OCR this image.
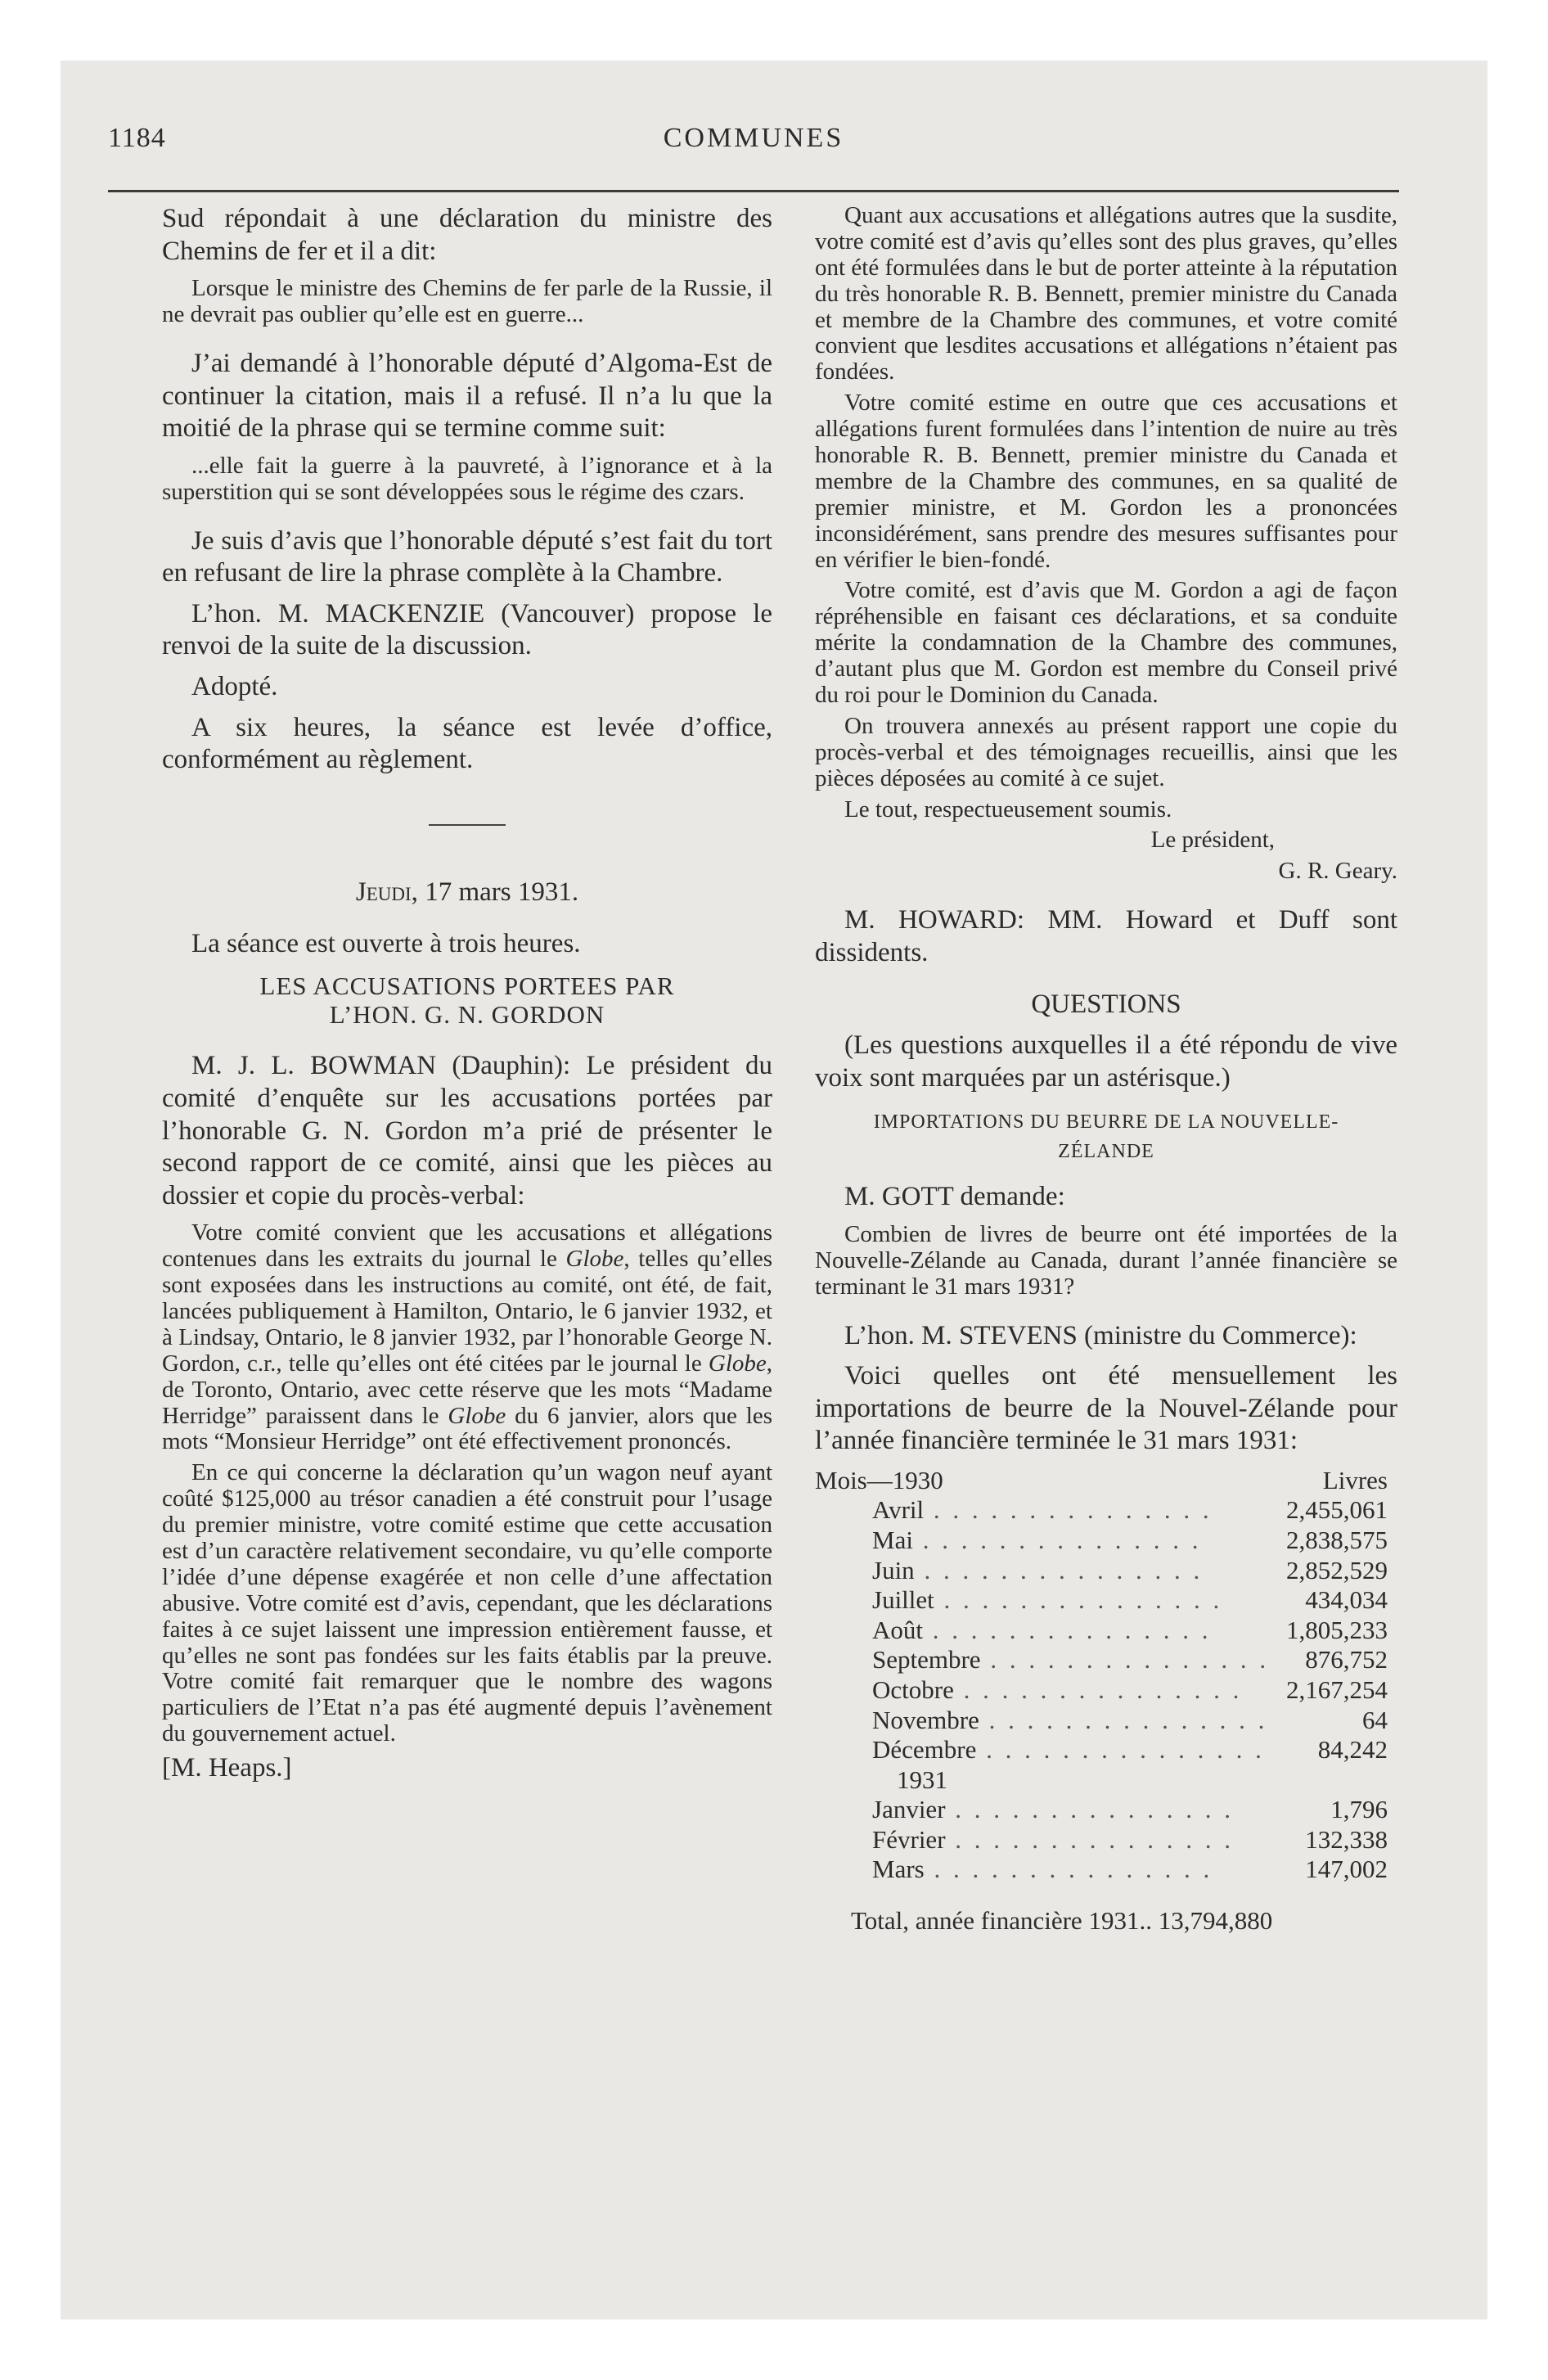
1184	COMMUNES

Sud répondait à une déclaration du ministre des Chemins de fer et il a dit:

Lorsque le ministre des Chemins de fer parle de la Russie, il ne devrait pas oublier qu’elle est en guerre...

J’ai demandé à l’honorable député d’Algoma-Est de continuer la citation, mais il a refusé. Il n’a lu que la moitié de la phrase qui se termine comme suit:

...elle fait la guerre à la pauvreté, à l’ignorance et à la superstition qui se sont développées sous le régime des czars.

Je suis d’avis que l’honorable député s’est fait du tort en refusant de lire la phrase complète à la Chambre.

L’hon. M. MACKENZIE (Vancouver) propose le renvoi de la suite de la discussion.

Adopté.

A six heures, la séance est levée d’office, conformément au règlement.

Jeudi, 17 mars 1931.

La séance est ouverte à trois heures.

LES ACCUSATIONS PORTEES PAR
L’HON. G. N. GORDON

M. J. L. BOWMAN (Dauphin): Le président du comité d’enquête sur les accusations portées par l’honorable G. N. Gordon m’a prié de présenter le second rapport de ce comité, ainsi que les pièces au dossier et copie du procès-verbal:

Votre comité convient que les accusations et allégations contenues dans les extraits du journal le Globe, telles qu’elles sont exposées dans les instructions au comité, ont été, de fait, lancées publiquement à Hamilton, Ontario, le 6 janvier 1932, et à Lindsay, Ontario, le 8 janvier 1932, par l’honorable George N. Gordon, c.r., telle qu’elles ont été citées par le journal le Globe, de Toronto, Ontario, avec cette réserve que les mots “Madame Herridge” paraissent dans le Globe du 6 janvier, alors que les mots “Monsieur Herridge” ont été effectivement prononcés.

En ce qui concerne la déclaration qu’un wagon neuf ayant coûté $125,000 au trésor canadien a été construit pour l’usage du premier ministre, votre comité estime que cette accusation est d’un caractère relativement secondaire, vu qu’elle comporte l’idée d’une dépense exagérée et non celle d’une affectation abusive. Votre comité est d’avis, cependant, que les déclarations faites à ce sujet laissent une impression entièrement fausse, et qu’elles ne sont pas fondées sur les faits établis par la preuve. Votre comité fait remarquer que le nombre des wagons particuliers de l’Etat n’a pas été augmenté depuis l’avènement du gouvernement actuel.

[M. Heaps.]

Quant aux accusations et allégations autres que la susdite, votre comité est d’avis qu’elles sont des plus graves, qu’elles ont été formulées dans le but de porter atteinte à la réputation du très honorable R. B. Bennett, premier ministre du Canada et membre de la Chambre des communes, et votre comité convient que lesdites accusations et allégations n’étaient pas fondées.

Votre comité estime en outre que ces accusations et allégations furent formulées dans l’intention de nuire au très honorable R. B. Bennett, premier ministre du Canada et membre de la Chambre des communes, en sa qualité de premier ministre, et M. Gordon les a prononcées inconsidérément, sans prendre des mesures suffisantes pour en vérifier le bien-fondé.

Votre comité, est d’avis que M. Gordon a agi de façon répréhensible en faisant ces déclarations, et sa conduite mérite la condamnation de la Chambre des communes, d’autant plus que M. Gordon est membre du Conseil privé du roi pour le Dominion du Canada.

On trouvera annexés au présent rapport une copie du procès-verbal et des témoignages recueillis, ainsi que les pièces déposées au comité à ce sujet.

Le tout, respectueusement soumis.

Le président,

G. R. Geary.

M. HOWARD: MM. Howard et Duff sont dissidents.

QUESTIONS

(Les questions auxquelles il a été répondu de vive voix sont marquées par un astérisque.)

IMPORTATIONS DU BEURRE DE LA NOUVELLE-
ZÉLANDE

M. GOTT demande:

Combien de livres de beurre ont été importées de la Nouvelle-Zélande au Canada, durant l’année financière se terminant le 31 mars 1931?

L’hon. M. STEVENS (ministre du Commerce):

Voici quelles ont été mensuellement les importations de beurre de la Nouvel-Zélande pour l’année financière terminée le 31 mars 1931:

Mois—1930	Livres
Avril . . . . . . . . . . . . . . .	2,455,061
Mai . . . . . . . . . . . . . . .	2,838,575
Juin . . . . . . . . . . . . . . .	2,852,529
Juillet . . . . . . . . . . . . . . .	434,034
Août . . . . . . . . . . . . . . .	1,805,233
Septembre . . . . . . . . . . . . . . .	876,752
Octobre . . . . . . . . . . . . . . .	2,167,254
Novembre . . . . . . . . . . . . . . .	64
Décembre . . . . . . . . . . . . . . .	84,242
1931	
Janvier . . . . . . . . . . . . . . .	1,796
Février . . . . . . . . . . . . . . .	132,338
Mars . . . . . . . . . . . . . . .	147,002

Total, année financière 1931.. 13,794,880
